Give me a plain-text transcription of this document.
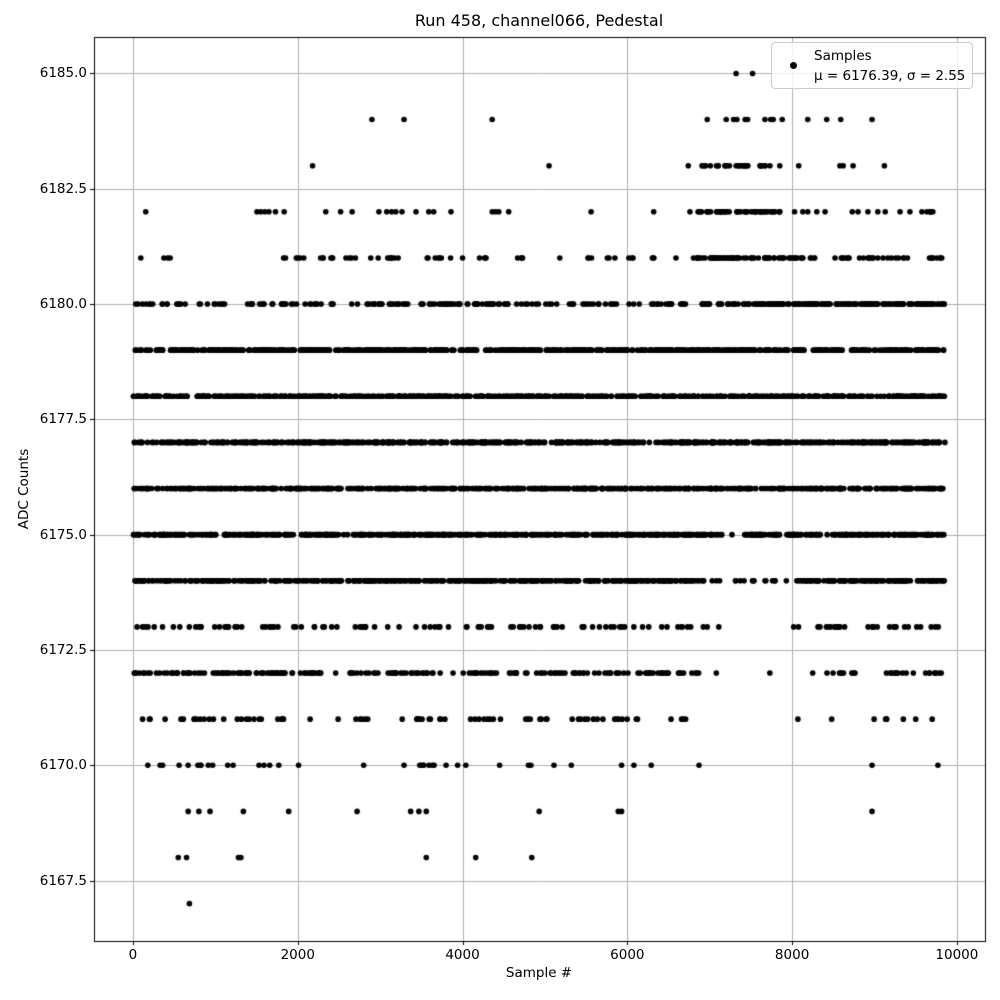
Run 458, channel066, Pedestal
Sample #
ADC Counts
0	2000	4000	6000	8000	10000
6167.5
6170.0
6172.5
6175.0
6177.5
6180.0
6182.5
6185.0
Samples
μ = 6176.39, σ = 2.55
